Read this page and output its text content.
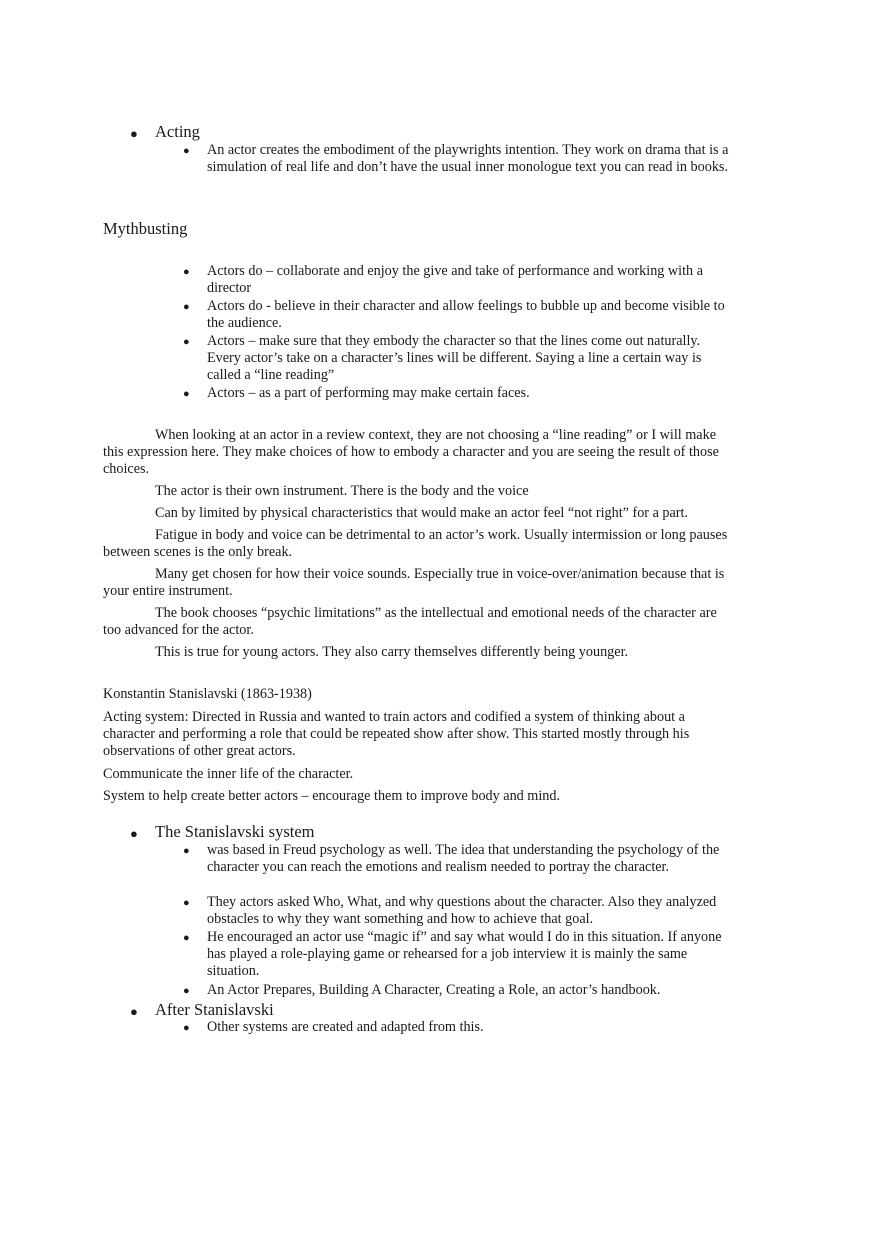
● Acting
● An actor creates the embodiment of the playwrights intention. They work on drama that is a simulation of real life and don’t have the usual inner monologue text you can read in books.
Mythbusting
● Actors do – collaborate and enjoy the give and take of performance and working with a director
● Actors do - believe in their character and allow feelings to bubble up and become visible to the audience.
● Actors – make sure that they embody the character so that the lines come out naturally. Every actor’s take on a character’s lines will be different. Saying a line a certain way is called a “line reading”
● Actors – as a part of performing may make certain faces.
When looking at an actor in a review context, they are not choosing a “line reading” or I will make this expression here. They make choices of how to embody a character and you are seeing the result of those choices.
The actor is their own instrument. There is the body and the voice
Can by limited by physical characteristics that would make an actor feel “not right” for a part.
Fatigue in body and voice can be detrimental to an actor’s work. Usually intermission or long pauses between scenes is the only break.
Many get chosen for how their voice sounds. Especially true in voice-over/animation because that is your entire instrument.
The book chooses “psychic limitations” as the intellectual and emotional needs of the character are too advanced for the actor.
This is true for young actors. They also carry themselves differently being younger.
Konstantin Stanislavski (1863-1938)
Acting system: Directed in Russia and wanted to train actors and codified a system of thinking about a character and performing a role that could be repeated show after show. This started mostly through his observations of other great actors.
Communicate the inner life of the character.
System to help create better actors – encourage them to improve body and mind.
● The Stanislavski system
● was based in Freud psychology as well. The idea that understanding the psychology of the character you can reach the emotions and realism needed to portray the character.
● They actors asked Who, What, and why questions about the character. Also they analyzed obstacles to why they want something and how to achieve that goal.
● He encouraged an actor use “magic if” and say what would I do in this situation. If anyone has played a role-playing game or rehearsed for a job interview it is mainly the same situation.
● An Actor Prepares, Building A Character, Creating a Role, an actor’s handbook.
● After Stanislavski
● Other systems are created and adapted from this.
